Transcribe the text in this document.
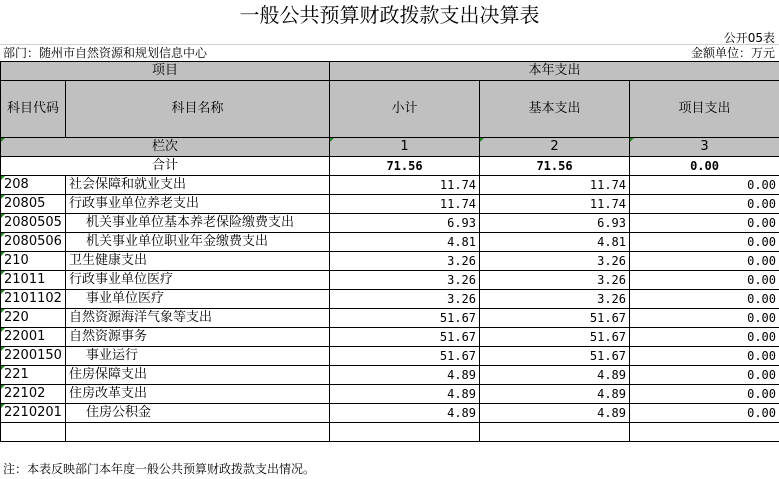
一般公共预算财政拨款支出决算表
公开05表
部门：随州市自然资源和规划信息中心	金额单位：万元
项目		本年支出		
科目代码	科目名称	小计	基本支出	项目支出
栏次		1	2	3
合计		71.56	71.56	0.00
208	社会保障和就业支出	11.74	11.74	0.00
20805	行政事业单位养老支出	11.74	11.74	0.00
2080505	机关事业单位基本养老保险缴费支出	6.93	6.93	0.00
2080506	机关事业单位职业年金缴费支出	4.81	4.81	0.00
210	卫生健康支出	3.26	3.26	0.00
21011	行政事业单位医疗	3.26	3.26	0.00
2101102	事业单位医疗	3.26	3.26	0.00
220	自然资源海洋气象等支出	51.67	51.67	0.00
22001	自然资源事务	51.67	51.67	0.00
2200150	事业运行	51.67	51.67	0.00
221	住房保障支出	4.89	4.89	0.00
22102	住房改革支出	4.89	4.89	0.00
2210201	住房公积金	4.89	4.89	0.00

注：本表反映部门本年度一般公共预算财政拨款支出情况。
